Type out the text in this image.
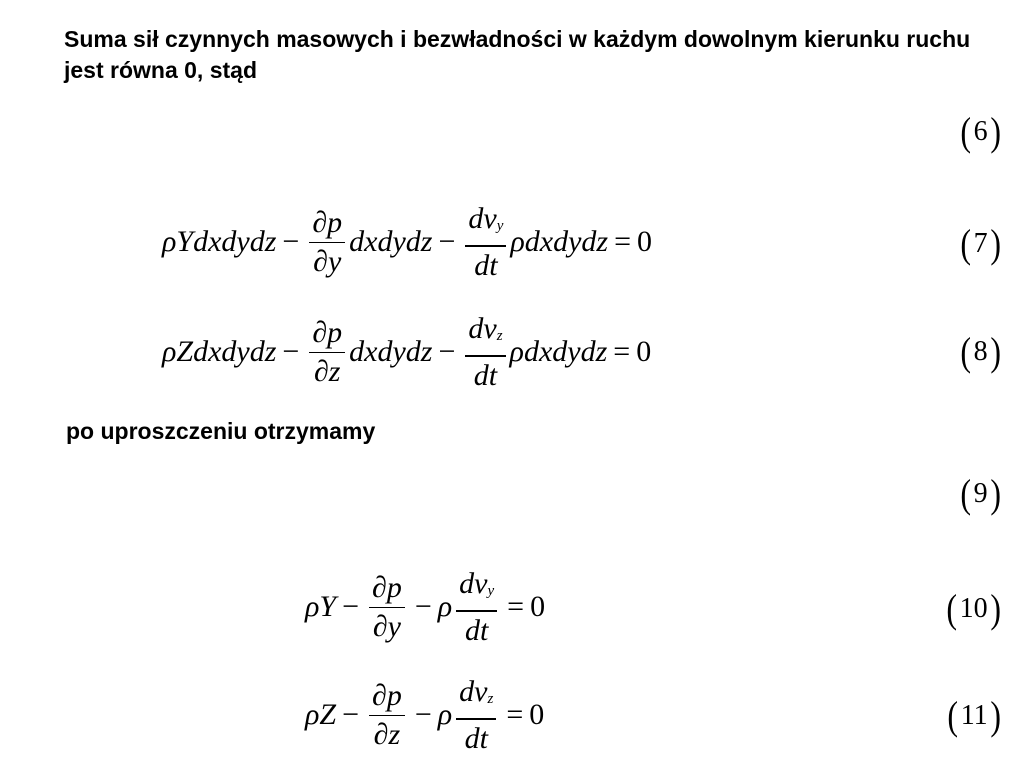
Suma sił czynnych masowych i bezwładności w każdym dowolnym kierunku ruchu jest równa 0, stąd
(6)
(7)
(8)
(9)
(10)
(11)
ρYdxdydz − $\frac{\partial p}{\partial y}$ dxdydz − $\frac{dv_y}{dt}$ ρdxdydz = 0
ρZdxdydz − $\frac{\partial p}{\partial z}$ dxdydz − $\frac{dv_z}{dt}$ ρdxdydz = 0
po uproszczeniu otrzymamy
$\rho Y - \frac{\partial p}{\partial y} - \rho \frac{dv_y}{dt} = 0$
$\rho Z - \frac{\partial p}{\partial z} - \rho \frac{dv_z}{dt} = 0$
